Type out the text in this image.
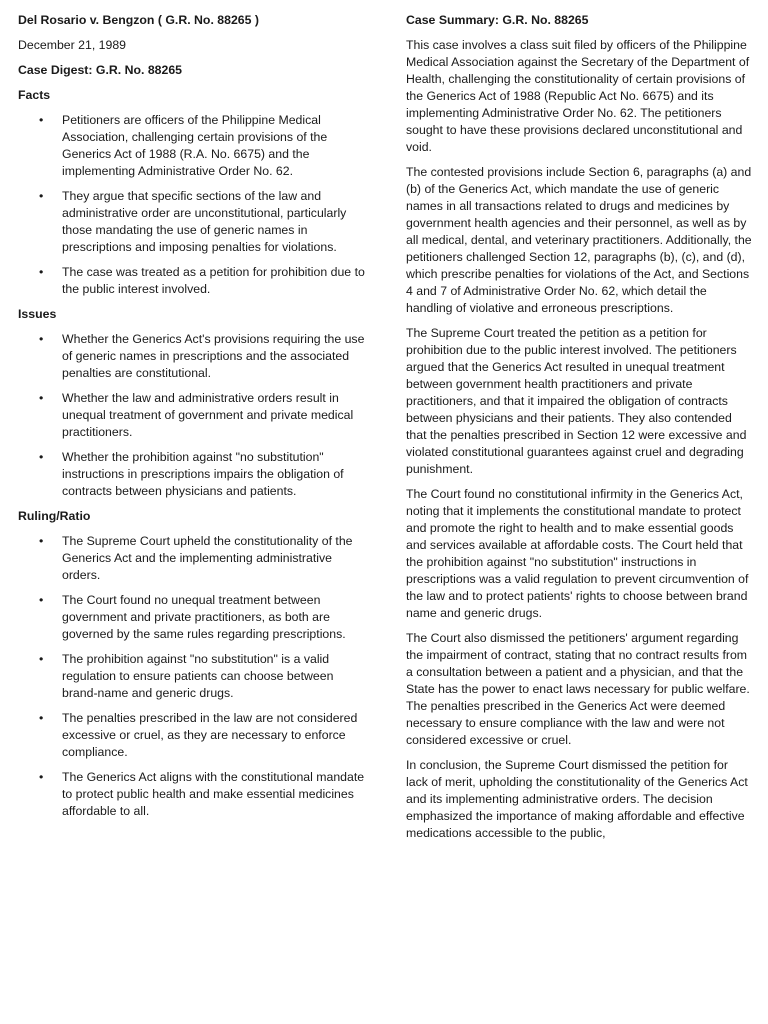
Del Rosario v. Bengzon ( G.R. No. 88265 )
December 21, 1989
Case Digest: G.R. No. 88265
Facts
• Petitioners are officers of the Philippine Medical Association, challenging certain provisions of the Generics Act of 1988 (R.A. No. 6675) and the implementing Administrative Order No. 62.
• They argue that specific sections of the law and administrative order are unconstitutional, particularly those mandating the use of generic names in prescriptions and imposing penalties for violations.
• The case was treated as a petition for prohibition due to the public interest involved.
Issues
• Whether the Generics Act's provisions requiring the use of generic names in prescriptions and the associated penalties are constitutional.
• Whether the law and administrative orders result in unequal treatment of government and private medical practitioners.
• Whether the prohibition against "no substitution" instructions in prescriptions impairs the obligation of contracts between physicians and patients.
Ruling/Ratio
• The Supreme Court upheld the constitutionality of the Generics Act and the implementing administrative orders.
• The Court found no unequal treatment between government and private practitioners, as both are governed by the same rules regarding prescriptions.
• The prohibition against "no substitution" is a valid regulation to ensure patients can choose between brand-name and generic drugs.
• The penalties prescribed in the law are not considered excessive or cruel, as they are necessary to enforce compliance.
• The Generics Act aligns with the constitutional mandate to protect public health and make essential medicines affordable to all.
Case Summary: G.R. No. 88265

This case involves a class suit filed by officers of the Philippine Medical Association against the Secretary of the Department of Health, challenging the constitutionality of certain provisions of the Generics Act of 1988 (Republic Act No. 6675) and its implementing Administrative Order No. 62. The petitioners sought to have these provisions declared unconstitutional and void.

The contested provisions include Section 6, paragraphs (a) and (b) of the Generics Act, which mandate the use of generic names in all transactions related to drugs and medicines by government health agencies and their personnel, as well as by all medical, dental, and veterinary practitioners. Additionally, the petitioners challenged Section 12, paragraphs (b), (c), and (d), which prescribe penalties for violations of the Act, and Sections 4 and 7 of Administrative Order No. 62, which detail the handling of violative and erroneous prescriptions.

The Supreme Court treated the petition as a petition for prohibition due to the public interest involved. The petitioners argued that the Generics Act resulted in unequal treatment between government health practitioners and private practitioners, and that it impaired the obligation of contracts between physicians and their patients. They also contended that the penalties prescribed in Section 12 were excessive and violated constitutional guarantees against cruel and degrading punishment.

The Court found no constitutional infirmity in the Generics Act, noting that it implements the constitutional mandate to protect and promote the right to health and to make essential goods and services available at affordable costs. The Court held that the prohibition against "no substitution" instructions in prescriptions was a valid regulation to prevent circumvention of the law and to protect patients' rights to choose between brand name and generic drugs.

The Court also dismissed the petitioners' argument regarding the impairment of contract, stating that no contract results from a consultation between a patient and a physician, and that the State has the power to enact laws necessary for public welfare. The penalties prescribed in the Generics Act were deemed necessary to ensure compliance with the law and were not considered excessive or cruel.

In conclusion, the Supreme Court dismissed the petition for lack of merit, upholding the constitutionality of the Generics Act and its implementing administrative orders. The decision emphasized the importance of making affordable and effective medications accessible to the public,
